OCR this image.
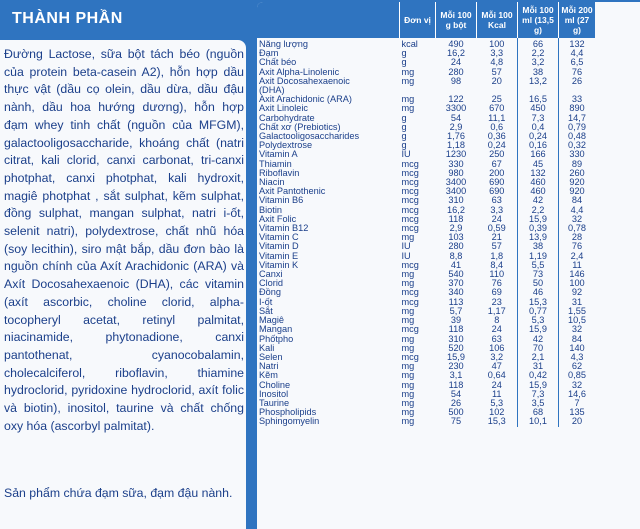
THÀNH PHẦN

Đường Lactose, sữa bột tách béo (nguồn của protein beta-casein A2), hỗn hợp dầu thực vật (dầu cọ olein, dầu dừa, dầu đậu nành, dầu hoa hướng dương), hỗn hợp đạm whey tinh chất (nguồn của MFGM), galactooligosaccharide, khoáng chất (natri citrat, kali clorid, canxi carbonat, tri-canxi photphat, canxi photphat, kali hydroxit, magiê photphat , sắt sulphat, kẽm sulphat, đồng sulphat, mangan sulphat, natri i-ốt, selenit natri), polydextrose, chất nhũ hóa (soy lecithin), siro mật bắp, dầu đơn bào là nguồn chính của Axít Arachidonic (ARA) và Axít Docosahexaenoic (DHA), các vitamin (axít ascorbic, choline clorid, alpha-tocopheryl acetat, retinyl palmitat, niacinamide, phytonadione, canxi pantothenat, cyanocobalamin, cholecalciferol, riboflavin, thiamine hydroclorid, pyridoxine hydroclorid, axít folic và biotin), inositol, taurine và chất chống oxy hóa (ascorbyl palmitat).

Sản phẩm chứa đạm sữa, đạm đậu nành.

	Đơn vị	Mỗi 100 g bột	Mỗi 100 Kcal	Mỗi 100 ml (13,5 g)	Mỗi 200 ml (27 g)
Năng lượng	kcal	490	100	66	132
Đạm	g	16,2	3,3	2,2	4,4
Chất béo	g	24	4,8	3,2	6,5
Axit Alpha-Linolenic	mg	280	57	38	76
Axit Docosahexaenoic	mg	98	20	13,2	26
(DHA)					
Axit Arachidonic (ARA)	mg	122	25	16,5	33
Axit Linoleic	mg	3300	670	450	890
Carbohydrate	g	54	11,1	7,3	14,7
Chất xơ (Prebiotics)	g	2,9	0,6	0,4	0,79
Galactooligosaccharides	g	1,76	0,36	0,24	0,48
Polydextrose	g	1,18	0,24	0,16	0,32
Vitamin A	IU	1230	250	166	330
Thiamin	mcg	330	67	45	89
Riboflavin	mcg	980	200	132	260
Niacin	mcg	3400	690	460	920
Axit Pantothenic	mcg	3400	690	460	920
Vitamin B6	mcg	310	63	42	84
Biotin	mcg	16,2	3,3	2,2	4,4
Axit Folic	mcg	118	24	15,9	32
Vitamin B12	mcg	2,9	0,59	0,39	0,78
Vitamin C	mg	103	21	13,9	28
Vitamin D	IU	280	57	38	76
Vitamin E	IU	8,8	1,8	1,19	2,4
Vitamin K	mcg	41	8,4	5,5	11
Canxi	mg	540	110	73	146
Clorid	mg	370	76	50	100
Đồng	mcg	340	69	46	92
I-ốt	mcg	113	23	15,3	31
Sắt	mg	5,7	1,17	0,77	1,55
Magiê	mg	39	8	5,3	10,5
Mangan	mcg	118	24	15,9	32
Phốtpho	mg	310	63	42	84
Kali	mg	520	106	70	140
Selen	mcg	15,9	3,2	2,1	4,3
Natri	mg	230	47	31	62
Kẽm	mg	3,1	0,64	0,42	0,85
Choline	mg	118	24	15,9	32
Inositol	mg	54	11	7,3	14,6
Taurine	mg	26	5,3	3,5	7
Phospholipids	mg	500	102	68	135
Sphingomyelin	mg	75	15,3	10,1	20
